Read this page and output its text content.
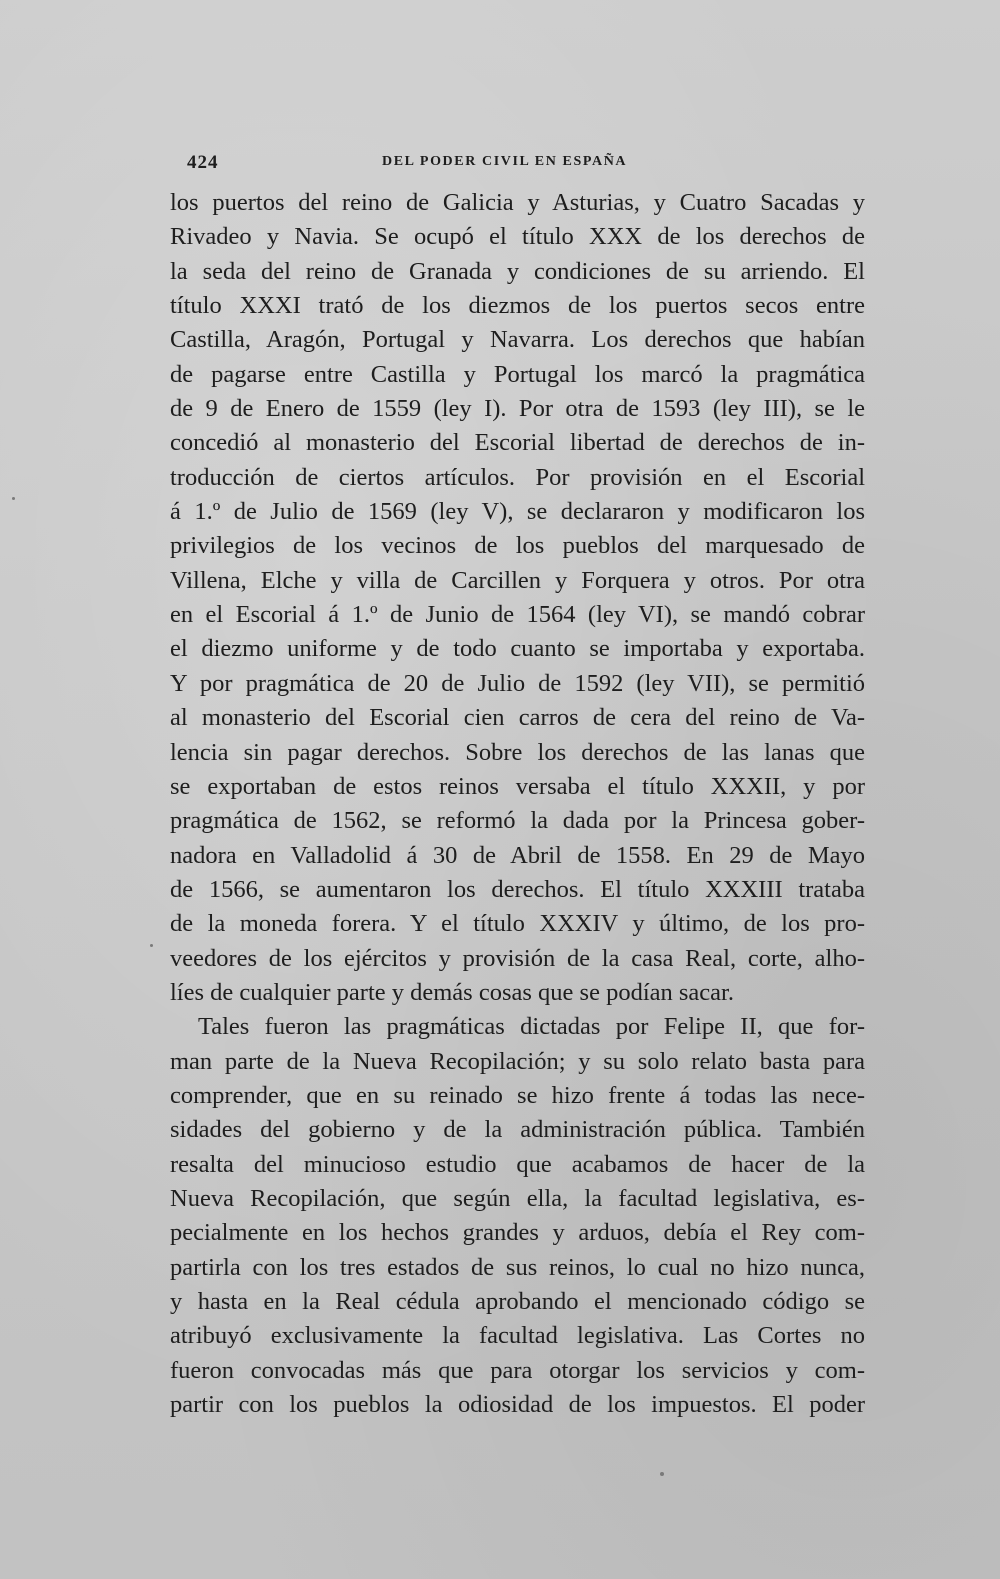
424	DEL PODER CIVIL EN ESPAÑA
los puertos del reino de Galicia y Asturias, y Cuatro Sacadas y
Rivadeo y Navia. Se ocupó el título XXX de los derechos de
la seda del reino de Granada y condiciones de su arriendo. El
título XXXI trató de los diezmos de los puertos secos entre
Castilla, Aragón, Portugal y Navarra. Los derechos que habían
de pagarse entre Castilla y Portugal los marcó la pragmática
de 9 de Enero de 1559 (ley I). Por otra de 1593 (ley III), se le
concedió al monasterio del Escorial libertad de derechos de in-
troducción de ciertos artículos. Por provisión en el Escorial
á 1.º de Julio de 1569 (ley V), se declararon y modificaron los
privilegios de los vecinos de los pueblos del marquesado de
Villena, Elche y villa de Carcillen y Forquera y otros. Por otra
en el Escorial á 1.º de Junio de 1564 (ley VI), se mandó cobrar
el diezmo uniforme y de todo cuanto se importaba y exportaba.
Y por pragmática de 20 de Julio de 1592 (ley VII), se permitió
al monasterio del Escorial cien carros de cera del reino de Va-
lencia sin pagar derechos. Sobre los derechos de las lanas que
se exportaban de estos reinos versaba el título XXXII, y por
pragmática de 1562, se reformó la dada por la Princesa gober-
nadora en Valladolid á 30 de Abril de 1558. En 29 de Mayo
de 1566, se aumentaron los derechos. El título XXXIII trataba
de la moneda forera. Y el título XXXIV y último, de los pro-
veedores de los ejércitos y provisión de la casa Real, corte, alho-
líes de cualquier parte y demás cosas que se podían sacar.
Tales fueron las pragmáticas dictadas por Felipe II, que for-
man parte de la Nueva Recopilación; y su solo relato basta para
comprender, que en su reinado se hizo frente á todas las nece-
sidades del gobierno y de la administración pública. También
resalta del minucioso estudio que acabamos de hacer de la
Nueva Recopilación, que según ella, la facultad legislativa, es-
pecialmente en los hechos grandes y arduos, debía el Rey com-
partirla con los tres estados de sus reinos, lo cual no hizo nunca,
y hasta en la Real cédula aprobando el mencionado código se
atribuyó exclusivamente la facultad legislativa. Las Cortes no
fueron convocadas más que para otorgar los servicios y com-
partir con los pueblos la odiosidad de los impuestos. El poder
